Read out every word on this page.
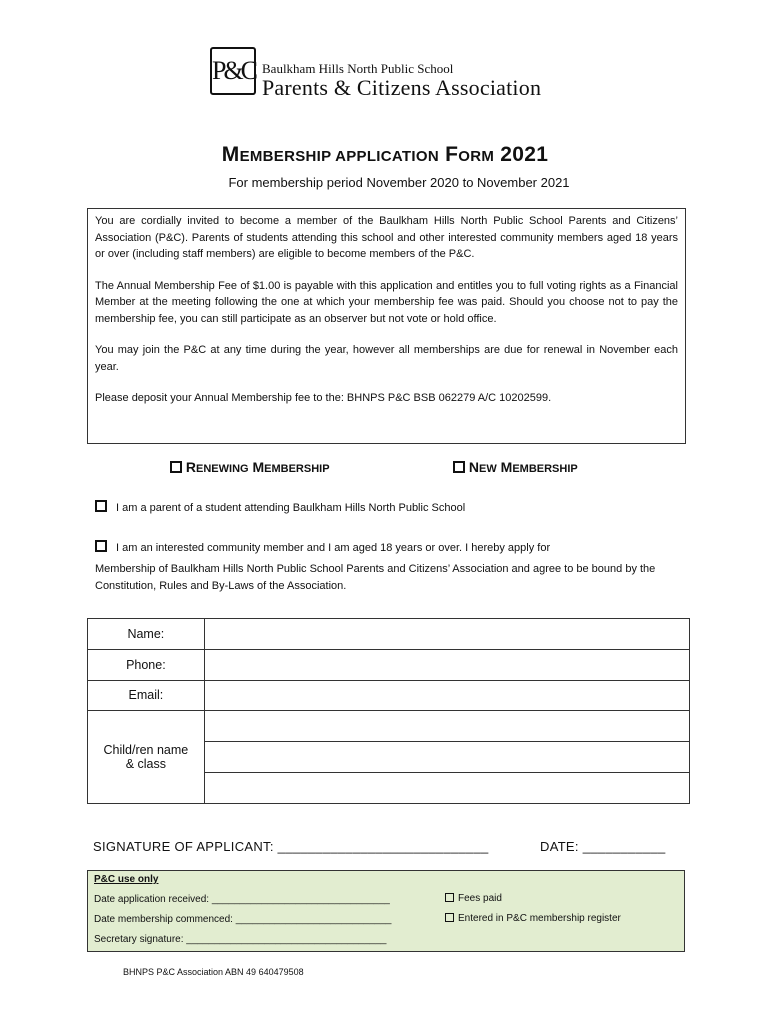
P&C Baulkham Hills North Public School
Parents & Citizens Association
MEMBERSHIP APPLICATION FORM 2021
For membership period November 2020 to November 2021

You are cordially invited to become a member of the Baulkham Hills North Public School Parents and Citizens’ Association (P&C). Parents of students attending this school and other interested community members aged 18 years or over (including staff members) are eligible to become members of the P&C.

The Annual Membership Fee of $1.00 is payable with this application and entitles you to full voting rights as a Financial Member at the meeting following the one at which your membership fee was paid. Should you choose not to pay the membership fee, you can still participate as an observer but not vote or hold office.

You may join the P&C at any time during the year, however all memberships are due for renewal in November each year.

Please deposit your Annual Membership fee to the: BHNPS P&C BSB 062279 A/C 10202599.

RENEWING MEMBERSHIP	NEW MEMBERSHIP
I am a parent of a student attending Baulkham Hills North Public School
I am an interested community member and I am aged 18 years or over. I hereby apply for
Membership of Baulkham Hills North Public School Parents and Citizens’ Association and agree to be bound by the Constitution, Rules and By-Laws of the Association.
Name:	
Phone:	
Email:	
Child/ren name
& class	

SIGNATURE OF APPLICANT: ____________________________	DATE: ___________
P&C use only
Date application received: ________________________________
Date membership commenced: ____________________________
Secretary signature: ____________________________________
Fees paid
Entered in P&C membership register
BHNPS P&C Association ABN 49 640479508
